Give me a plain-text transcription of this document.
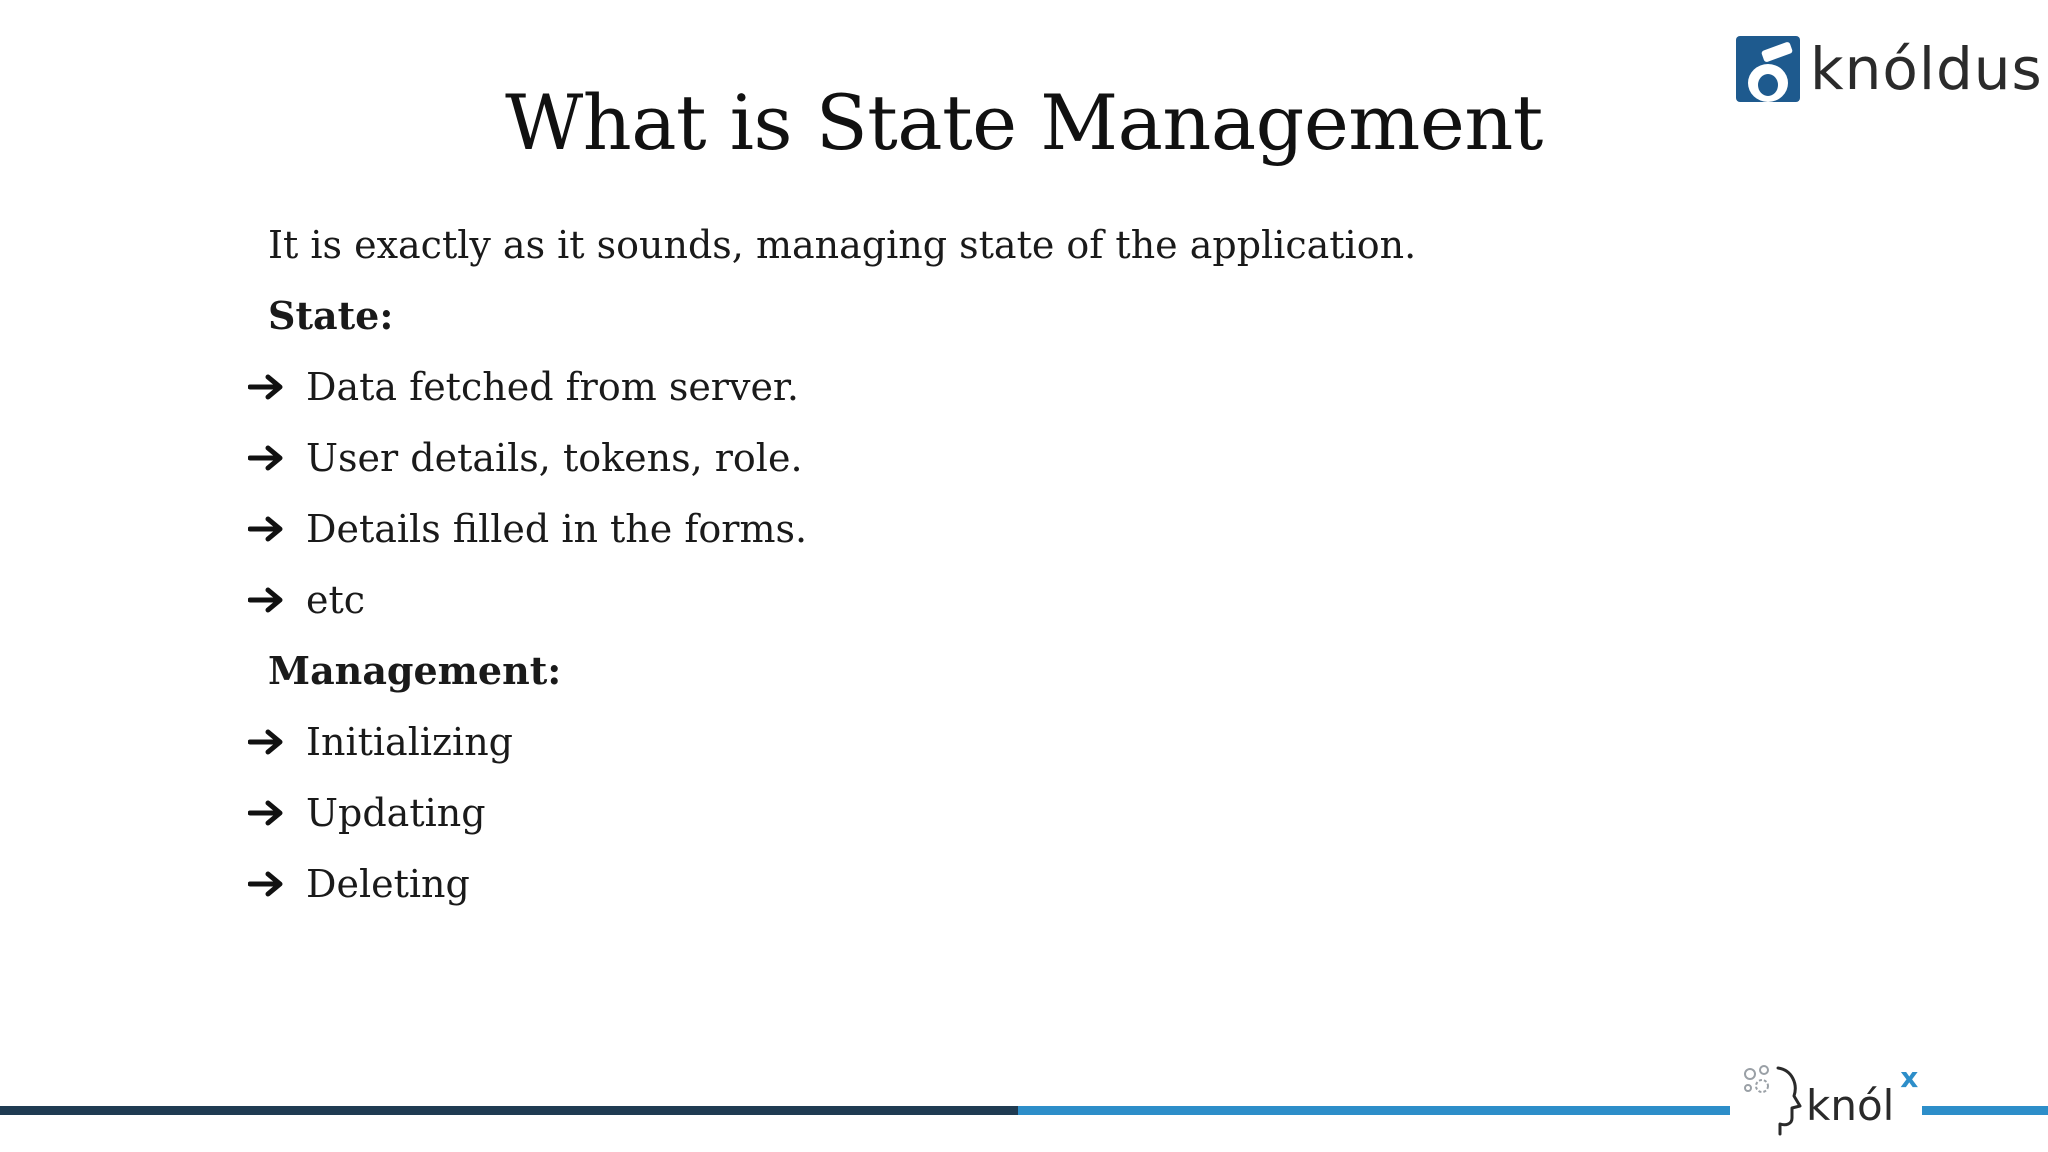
What is State Management
knóldus
It is exactly as it sounds, managing state of the application.
State:
Data fetched from server.
User details, tokens, role.
Details filled in the forms.
etc
Management:
Initializing
Updating
Deleting
knól
x
